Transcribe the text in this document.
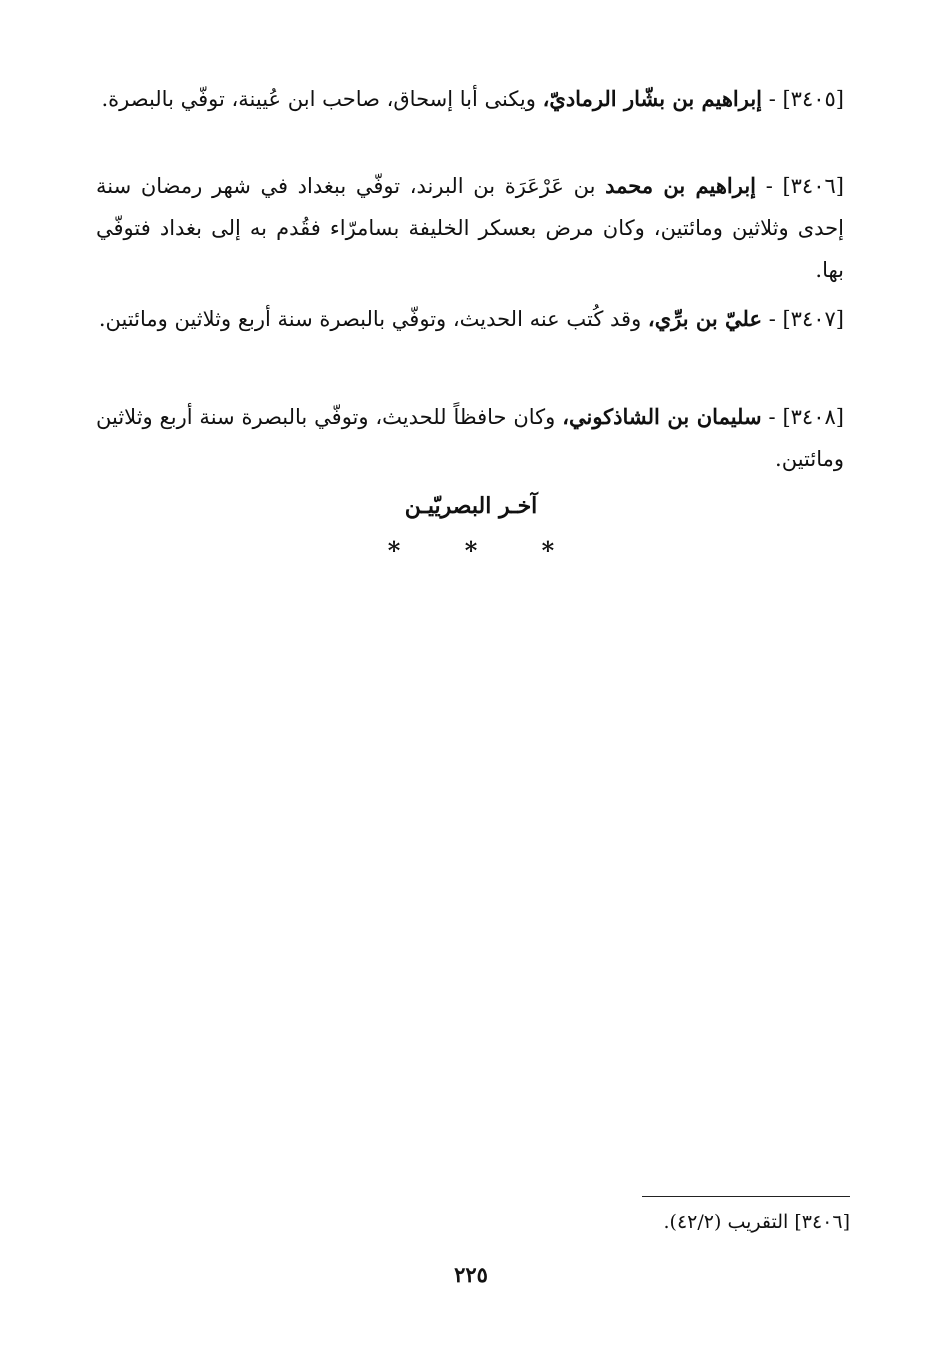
[٣٤٠٥] - إبراهيم بن بشّار الرماديّ، ويكنى أبا إسحاق، صاحب ابن عُيينة، توفّي بالبصرة.

[٣٤٠٦] - إبراهيم بن محمد بن عَرْعَرَة بن البرند، توفّي ببغداد في شهر رمضان سنة إحدى وثلاثين ومائتين، وكان مرض بعسكر الخليفة بسامرّاء فقُدم به إلى بغداد فتوفّي بها.

[٣٤٠٧] - عليّ بن برِّي، وقد كُتب عنه الحديث، وتوفّي بالبصرة سنة أربع وثلاثين ومائتين.

[٣٤٠٨] - سليمان بن الشاذكوني، وكان حافظاً للحديث، وتوفّي بالبصرة سنة أربع وثلاثين ومائتين.

آخـر البصريّيـن
*	*	*
[٣٤٠٦] التقريب (٤٢/٢).
٢٢٥
